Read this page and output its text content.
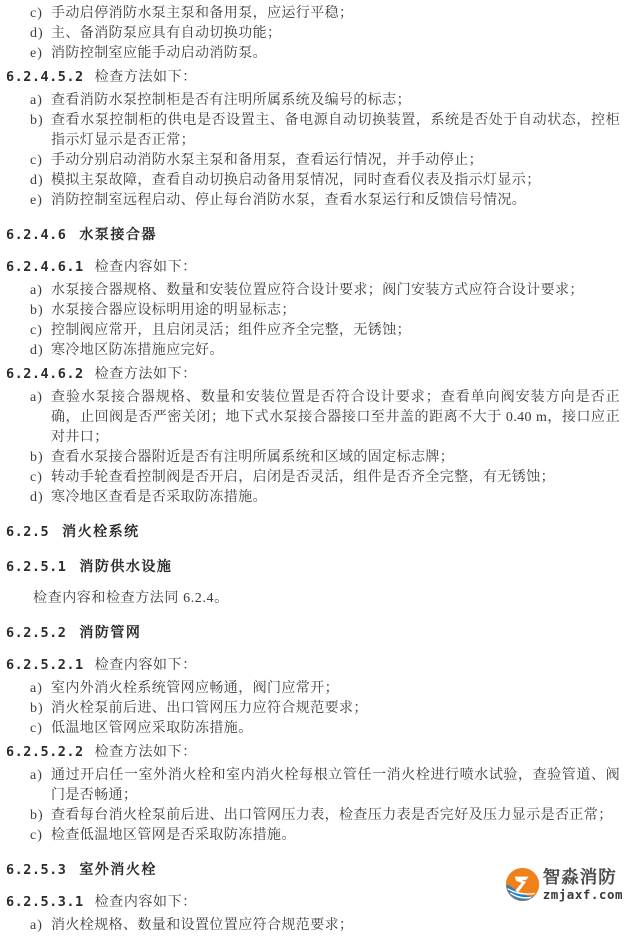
c) 手动启停消防水泵主泵和备用泵，应运行平稳；
d) 主、备消防泵应具有自动切换功能；
e) 消防控制室应能手动启动消防泵。
6.2.4.5.2 检查方法如下：
a) 查看消防水泵控制柜是否有注明所属系统及编号的标志；
b) 查看水泵控制柜的供电是否设置主、备电源自动切换装置，系统是否处于自动状态，控柜指示灯显示是否正常；
c) 手动分别启动消防水泵主泵和备用泵，查看运行情况，并手动停止；
d) 模拟主泵故障，查看自动切换启动备用泵情况，同时查看仪表及指示灯显示；
e) 消防控制室远程启动、停止每台消防水泵，查看水泵运行和反馈信号情况。
6.2.4.6 水泵接合器
6.2.4.6.1 检查内容如下：
a) 水泵接合器规格、数量和安装位置应符合设计要求；阀门安装方式应符合设计要求；
b) 水泵接合器应设标明用途的明显标志；
c) 控制阀应常开，且启闭灵活；组件应齐全完整，无锈蚀；
d) 寒冷地区防冻措施应完好。
6.2.4.6.2 检查方法如下：
a) 查验水泵接合器规格、数量和安装位置是否符合设计要求；查看单向阀安装方向是否正确，止回阀是否严密关闭；地下式水泵接合器接口至井盖的距离不大于 0.40 m，接口应正对井口；
b) 查看水泵接合器附近是否有注明所属系统和区域的固定标志牌；
c) 转动手轮查看控制阀是否开启，启闭是否灵活，组件是否齐全完整，有无锈蚀；
d) 寒冷地区查看是否采取防冻措施。
6.2.5 消火栓系统
6.2.5.1 消防供水设施
检查内容和检查方法同 6.2.4。
6.2.5.2 消防管网
6.2.5.2.1 检查内容如下：
a) 室内外消火栓系统管网应畅通，阀门应常开；
b) 消火栓泵前后进、出口管网压力应符合规范要求；
c) 低温地区管网应采取防冻措施。
6.2.5.2.2 检查方法如下：
a) 通过开启任一室外消火栓和室内消火栓每根立管任一消火栓进行喷水试验，查验管道、阀门是否畅通；
b) 查看每台消火栓泵前后进、出口管网压力表，检查压力表是否完好及压力显示是否正常；
c) 检查低温地区管网是否采取防冻措施。
6.2.5.3 室外消火栓
6.2.5.3.1 检查内容如下：
a) 消火栓规格、数量和设置位置应符合规范要求；
智淼消防
zmjaxf.com
